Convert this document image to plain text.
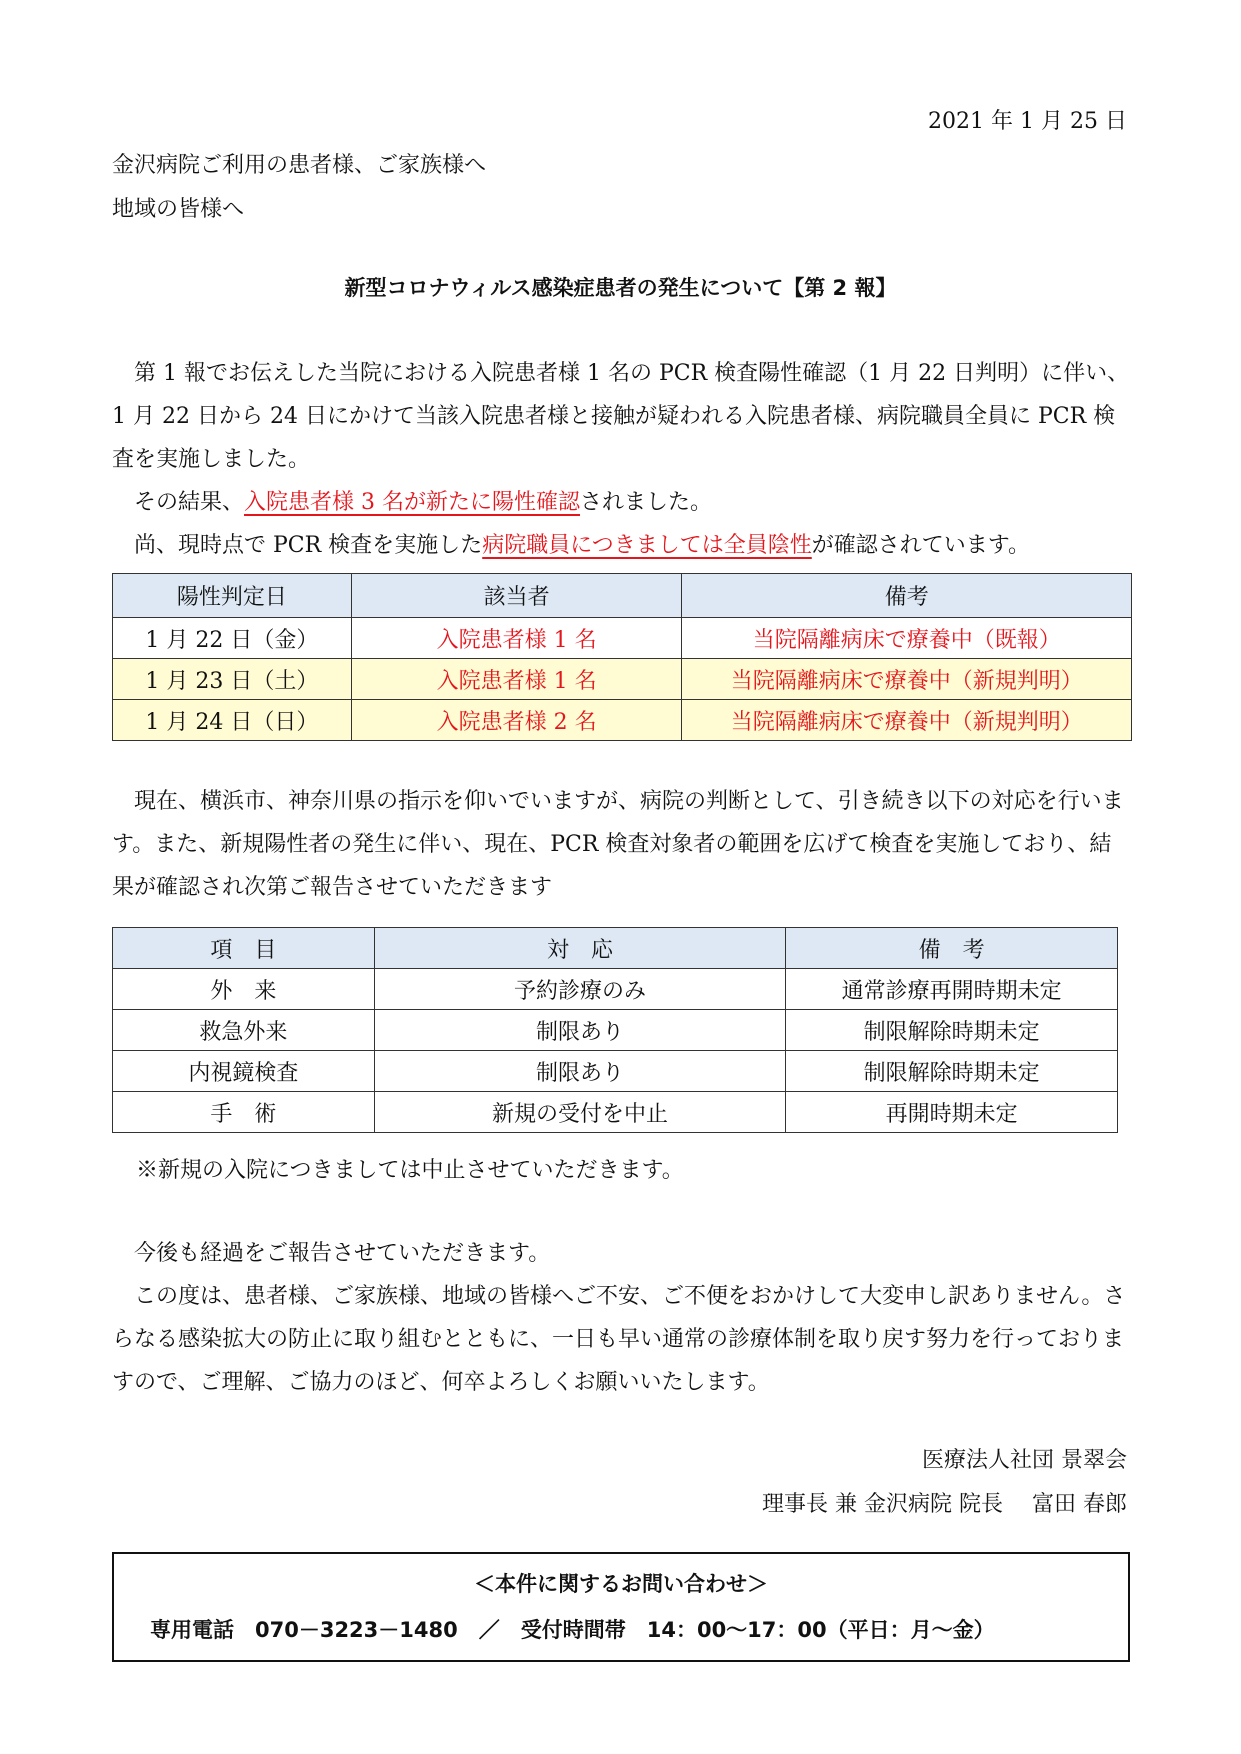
2021 年 1 月 25 日
金沢病院ご利用の患者様、ご家族様へ
地域の皆様へ
新型コロナウィルス感染症患者の発生について【第 2 報】
　第 1 報でお伝えした当院における入院患者様 1 名の PCR 検査陽性確認（1 月 22 日判明）に伴い、1 月 22 日から 24 日にかけて当該入院患者様と接触が疑われる入院患者様、病院職員全員に PCR 検査を実施しました。
　その結果、入院患者様 3 名が新たに陽性確認されました。
　尚、現時点で PCR 検査を実施した病院職員につきましては全員陰性が確認されています。
陽性判定日	該当者	備考
1 月 22 日（金）	入院患者様 1 名	当院隔離病床で療養中（既報）
1 月 23 日（土）	入院患者様 1 名	当院隔離病床で療養中（新規判明）
1 月 24 日（日）	入院患者様 2 名	当院隔離病床で療養中（新規判明）
　現在、横浜市、神奈川県の指示を仰いでいますが、病院の判断として、引き続き以下の対応を行います。また、新規陽性者の発生に伴い、現在、PCR 検査対象者の範囲を広げて検査を実施しており、結果が確認され次第ご報告させていただきます
項　目	対　応	備　考
外　来	予約診療のみ	通常診療再開時期未定
救急外来	制限あり	制限解除時期未定
内視鏡検査	制限あり	制限解除時期未定
手　術	新規の受付を中止	再開時期未定
※新規の入院につきましては中止させていただきます。
　今後も経過をご報告させていただきます。
　この度は、患者様、ご家族様、地域の皆様へご不安、ご不便をおかけして大変申し訳ありません。さらなる感染拡大の防止に取り組むとともに、一日も早い通常の診療体制を取り戻す努力を行っておりますので、ご理解、ご協力のほど、何卒よろしくお願いいたします。
医療法人社団 景翠会
理事長 兼 金沢病院 院長　 富田 春郎
＜本件に関するお問い合わせ＞
専用電話　070－3223－1480　／　受付時間帯　14：00～17：00（平日：月～金）
